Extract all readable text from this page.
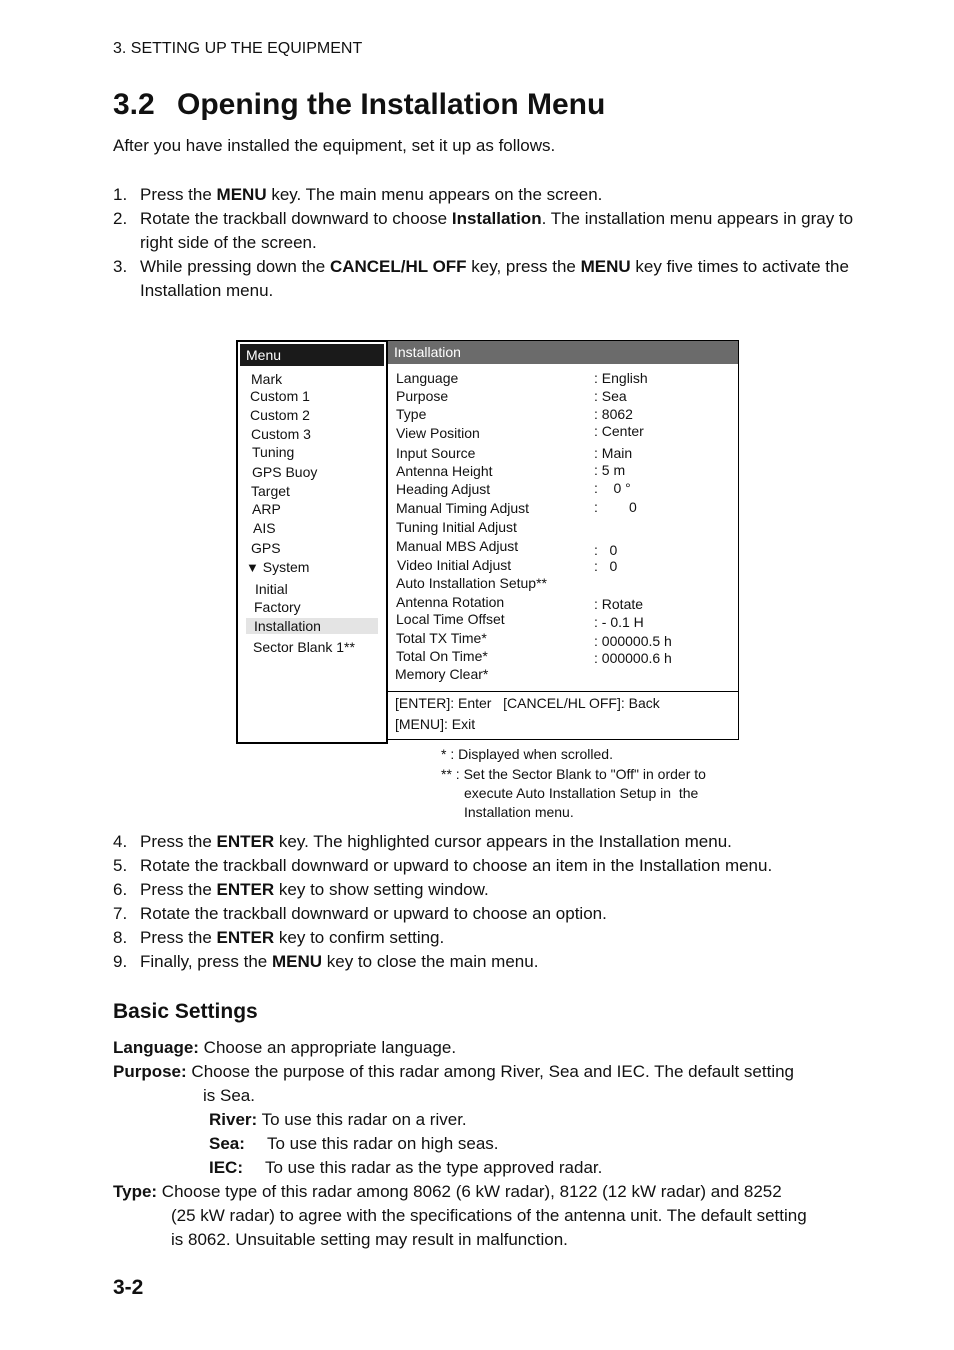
3. SETTING UP THE EQUIPMENT
3.2 Opening the Installation Menu
After you have installed the equipment, set it up as follows.
1. Press the MENU key. The main menu appears on the screen.
2. Rotate the trackball downward to choose Installation. The installation menu appears in gray to right side of the screen.
3. While pressing down the CANCEL/HL OFF key, press the MENU key five times to activate the Installation menu.
Menu
Mark
Custom 1
Custom 2
Custom 3
Tuning
GPS Buoy
Target
ARP
AIS
GPS
▼ System
Initial
Factory
Installation
Sector Blank 1**
Installation
Language
Purpose
Type
View Position
Input Source
Antenna Height
Heading Adjust
Manual Timing Adjust
Tuning Initial Adjust
Manual MBS Adjust
Video Initial Adjust
Auto Installation Setup**
Antenna Rotation
Local Time Offset
Total TX Time*
Total On Time*
Memory Clear*
: English
: Sea
: 8062
: Center
: Main
: 5 m
:    0 °
:        0
:   0
:   0
: Rotate
: - 0.1 H
: 000000.5 h
: 000000.6 h
[ENTER]: Enter   [CANCEL/HL OFF]: Back
[MENU]: Exit
* : Displayed when scrolled.
** : Set the Sector Blank to "Off" in order to
execute Auto Installation Setup in  the
Installation menu.
4. Press the ENTER key. The highlighted cursor appears in the Installation menu.
5. Rotate the trackball downward or upward to choose an item in the Installation menu.
6. Press the ENTER key to show setting window.
7. Rotate the trackball downward or upward to choose an option.
8. Press the ENTER key to confirm setting.
9. Finally, press the MENU key to close the main menu.
Basic Settings
Language: Choose an appropriate language.
Purpose: Choose the purpose of this radar among River, Sea and IEC. The default setting
is Sea.
River: To use this radar on a river.
Sea: To use this radar on high seas.
IEC: To use this radar as the type approved radar.
Type: Choose type of this radar among 8062 (6 kW radar), 8122 (12 kW radar) and 8252
(25 kW radar) to agree with the specifications of the antenna unit. The default setting
is 8062. Unsuitable setting may result in malfunction.
3-2
